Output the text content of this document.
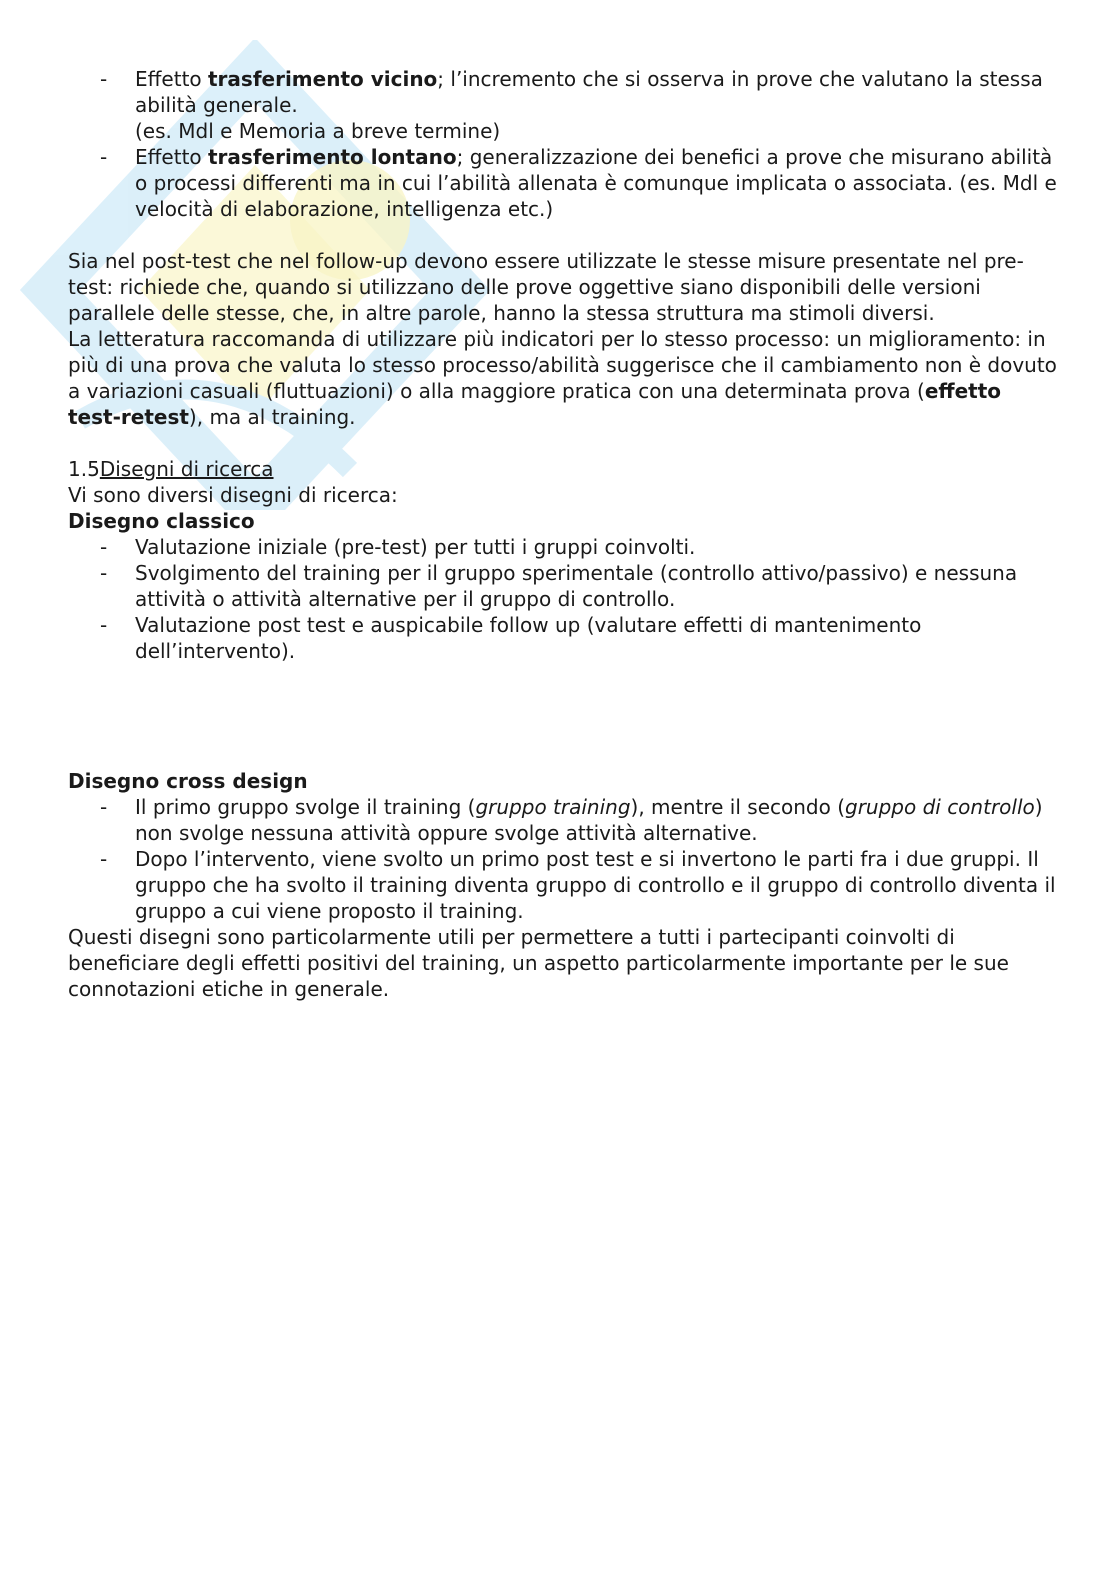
- Effetto trasferimento vicino; l’incremento che si osserva in prove che valutano la stessa abilità generale.
(es. Mdl e Memoria a breve termine)
- Effetto trasferimento lontano; generalizzazione dei benefici a prove che misurano abilità o processi differenti ma in cui l’abilità allenata è comunque implicata o associata. (es. Mdl e velocità di elaborazione, intelligenza etc.)

Sia nel post-test che nel follow-up devono essere utilizzate le stesse misure presentate nel pre-test: richiede che, quando si utilizzano delle prove oggettive siano disponibili delle versioni parallele delle stesse, che, in altre parole, hanno la stessa struttura ma stimoli diversi.

La letteratura raccomanda di utilizzare più indicatori per lo stesso processo: un miglioramento: in più di una prova che valuta lo stesso processo/abilità suggerisce che il cambiamento non è dovuto a variazioni casuali (fluttuazioni) o alla maggiore pratica con una determinata prova (effetto test-retest), ma al training.

1.5Disegni di ricerca

Vi sono diversi disegni di ricerca:

Disegno classico

- Valutazione iniziale (pre-test) per tutti i gruppi coinvolti.
- Svolgimento del training per il gruppo sperimentale (controllo attivo/passivo) e nessuna attività o attività alternative per il gruppo di controllo.
- Valutazione post test e auspicabile follow up (valutare effetti di mantenimento dell’intervento).

Disegno cross design

- Il primo gruppo svolge il training (gruppo training), mentre il secondo (gruppo di controllo) non svolge nessuna attività oppure svolge attività alternative.
- Dopo l’intervento, viene svolto un primo post test e si invertono le parti fra i due gruppi. Il gruppo che ha svolto il training diventa gruppo di controllo e il gruppo di controllo diventa il gruppo a cui viene proposto il training.

Questi disegni sono particolarmente utili per permettere a tutti i partecipanti coinvolti di beneficiare degli effetti positivi del training, un aspetto particolarmente importante per le sue connotazioni etiche in generale.
